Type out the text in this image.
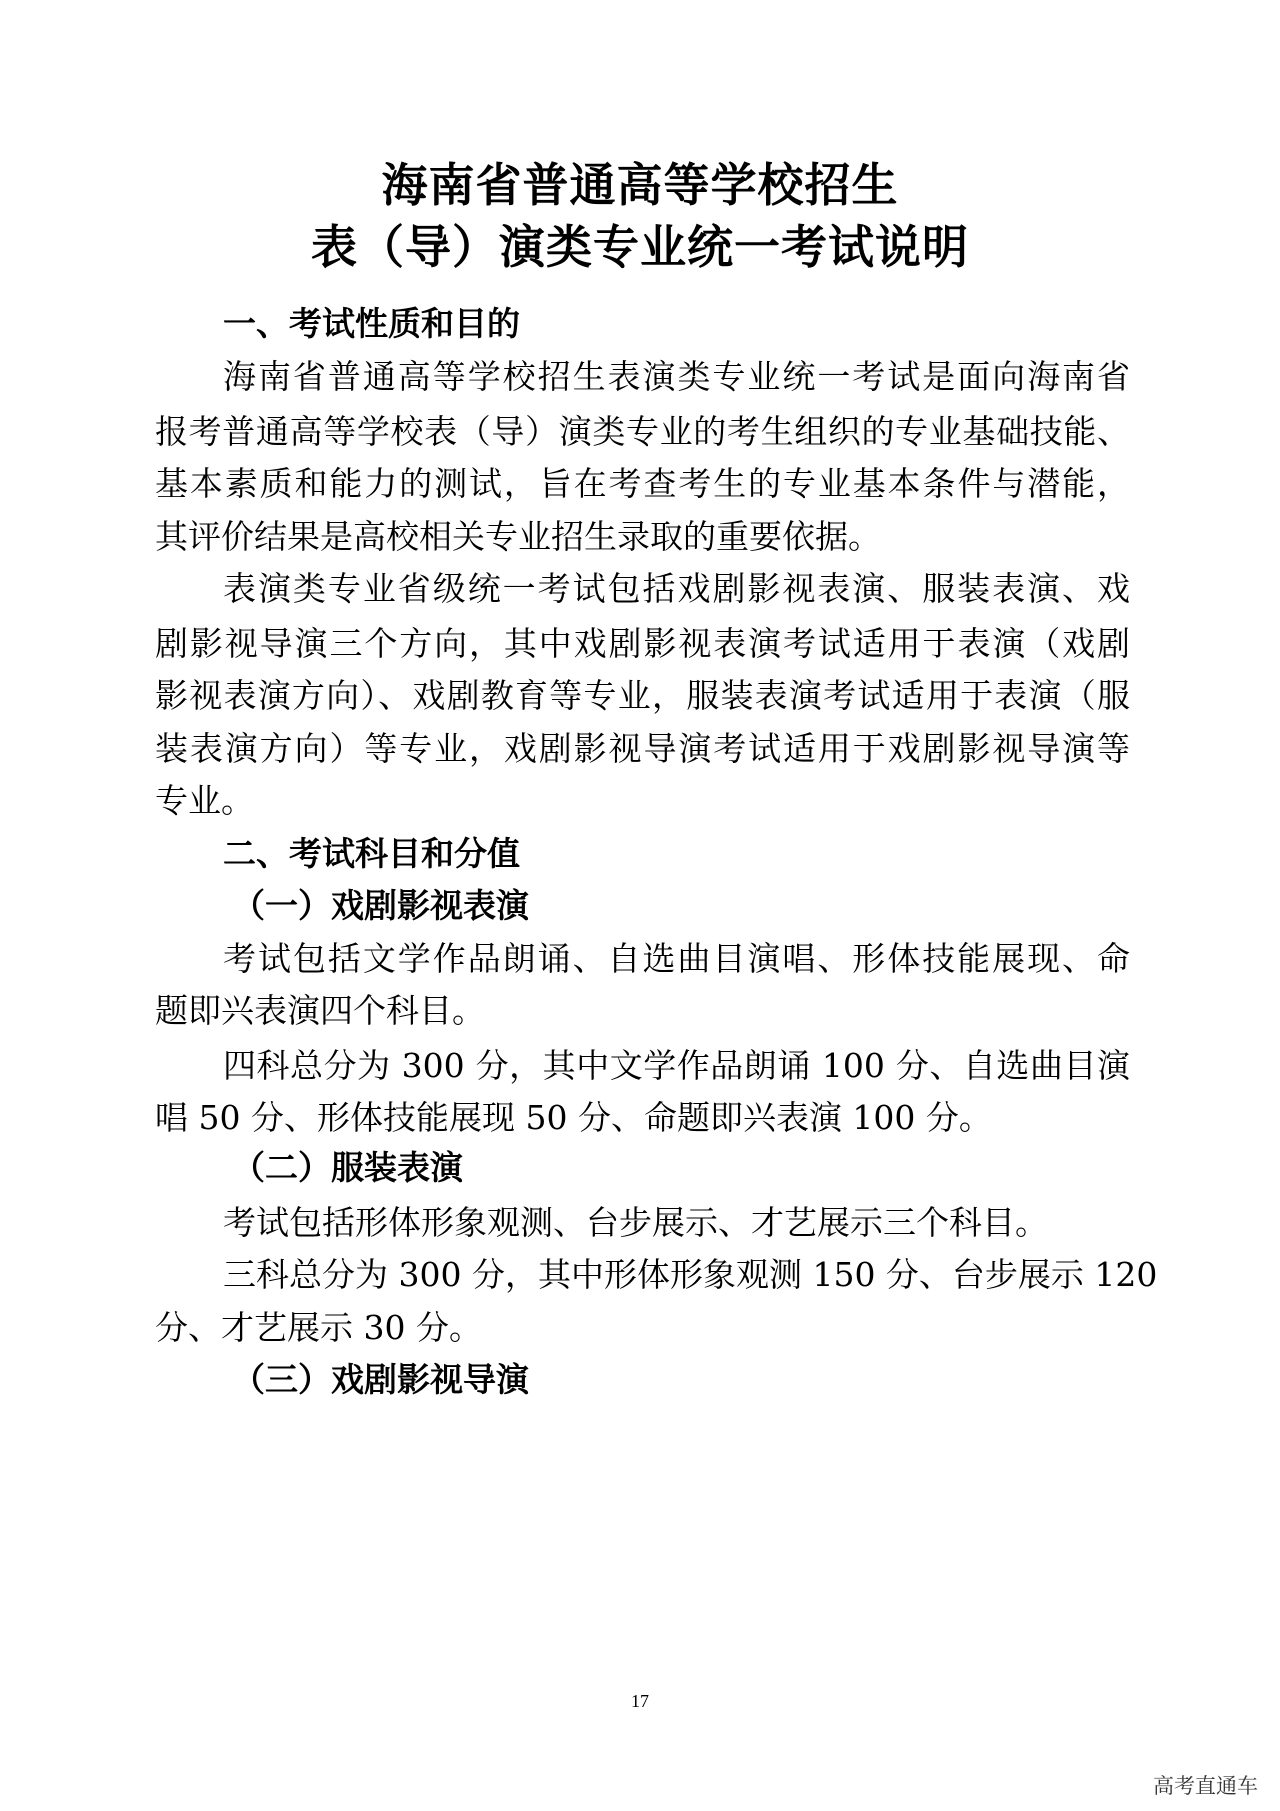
海南省普通高等学校招生
表（导）演类专业统一考试说明
一、考试性质和目的
海南省普通高等学校招生表演类专业统一考试是面向海南省
报考普通高等学校表（导）演类专业的考生组织的专业基础技能、
基本素质和能力的测试，旨在考查考生的专业基本条件与潜能，
其评价结果是高校相关专业招生录取的重要依据。
表演类专业省级统一考试包括戏剧影视表演、服装表演、戏
剧影视导演三个方向，其中戏剧影视表演考试适用于表演（戏剧
影视表演方向）、戏剧教育等专业，服装表演考试适用于表演（服
装表演方向）等专业，戏剧影视导演考试适用于戏剧影视导演等
专业。
二、考试科目和分值
（一）戏剧影视表演
考试包括文学作品朗诵、自选曲目演唱、形体技能展现、命
题即兴表演四个科目。
四科总分为 300 分，其中文学作品朗诵 100 分、自选曲目演
唱 50 分、形体技能展现 50 分、命题即兴表演 100 分。
（二）服装表演
考试包括形体形象观测、台步展示、才艺展示三个科目。
三科总分为 300 分，其中形体形象观测 150 分、台步展示 120
分、才艺展示 30 分。
（三）戏剧影视导演
17
高考直通车
